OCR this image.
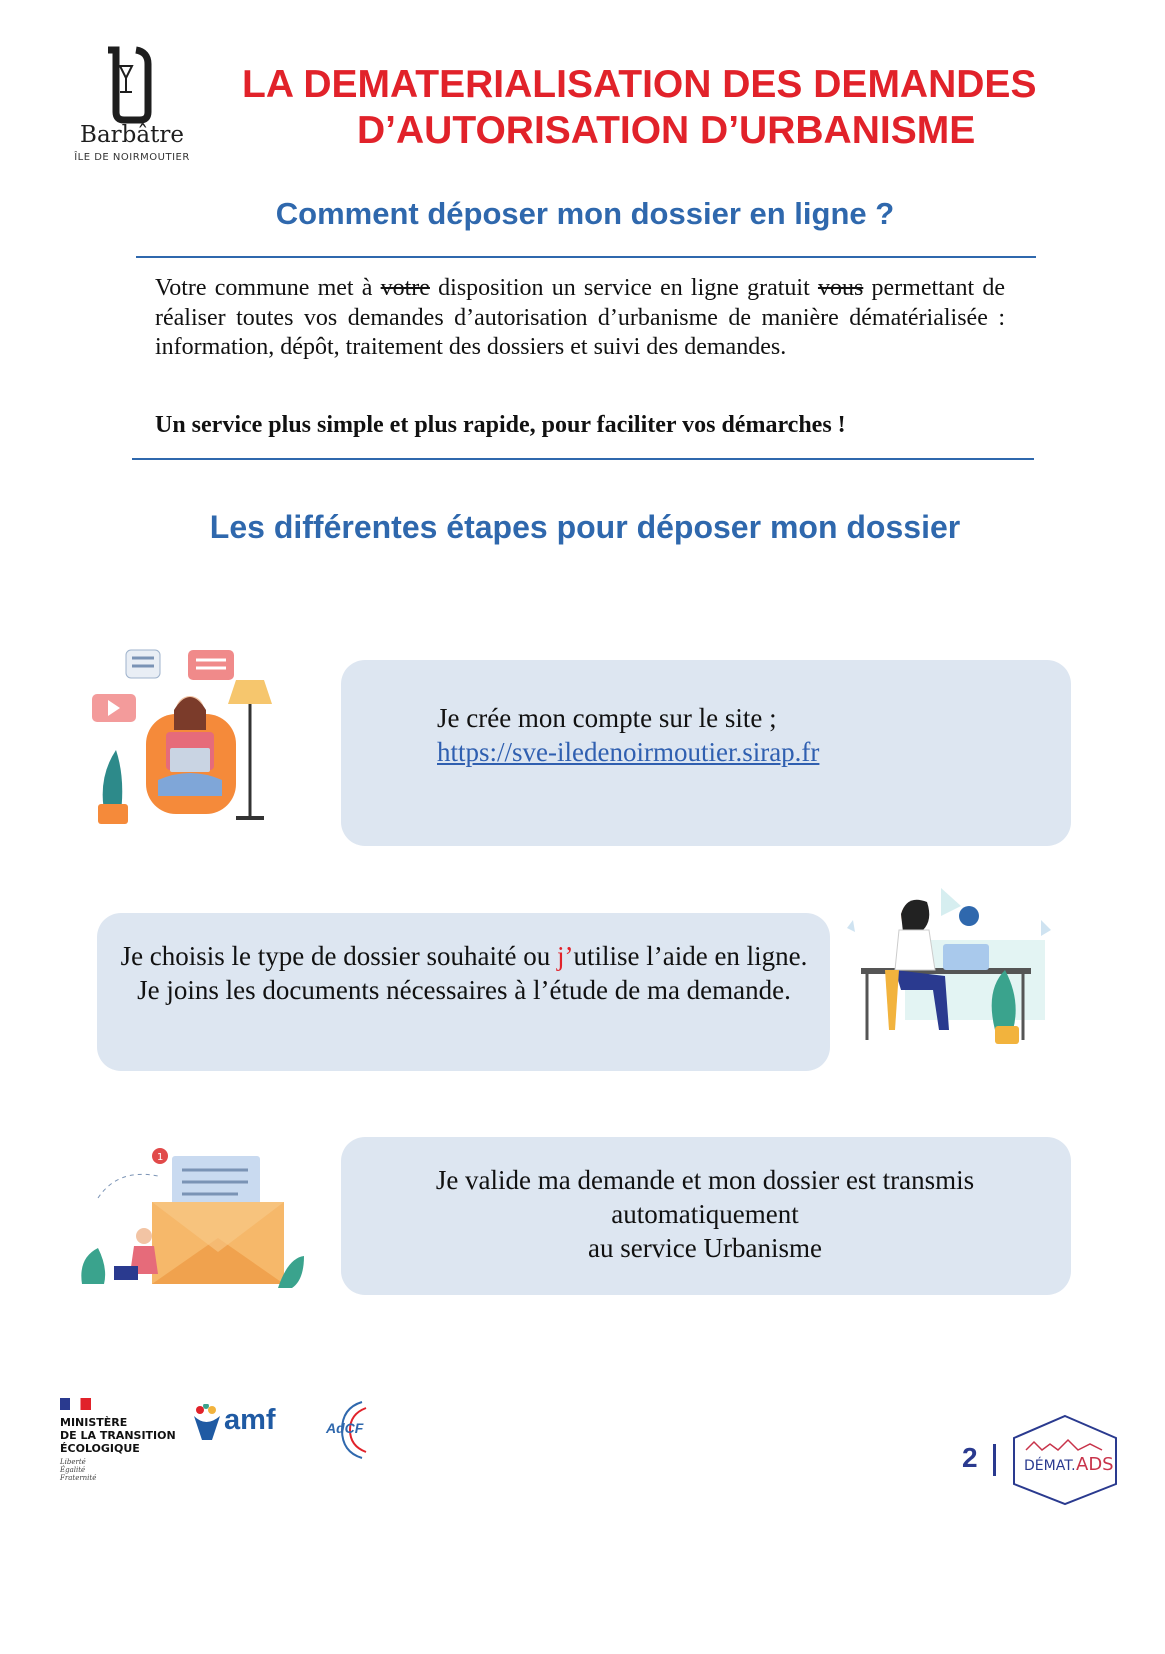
Barbâtre
ÎLE DE NOIRMOUTIER
LA DEMATERIALISATION DES DEMANDES
D’AUTORISATION D’URBANISME
Comment déposer mon dossier en ligne ?
Votre commune met à votre disposition un service en ligne gratuit vous permettant de réaliser toutes vos demandes d’autorisation d’urbanisme de manière dématérialisée : information, dépôt, traitement des dossiers et suivi des demandes.
Un service plus simple et plus rapide, pour faciliter vos démarches !
Les différentes étapes pour déposer mon dossier
Je crée mon compte sur le site ;
https://sve-iledenoirmoutier.sirap.fr
Je choisis le type de dossier souhaité ou j’utilise l’aide en ligne. Je joins les documents nécessaires à l’étude de ma demande.
1
Je valide ma demande et mon dossier est transmis
automatiquement
au service Urbanisme
MINISTÈRE
DE LA TRANSITION
ÉCOLOGIQUE
Liberté
Égalité
Fraternité
amf	AdCF
2	DÉMAT. ADS
